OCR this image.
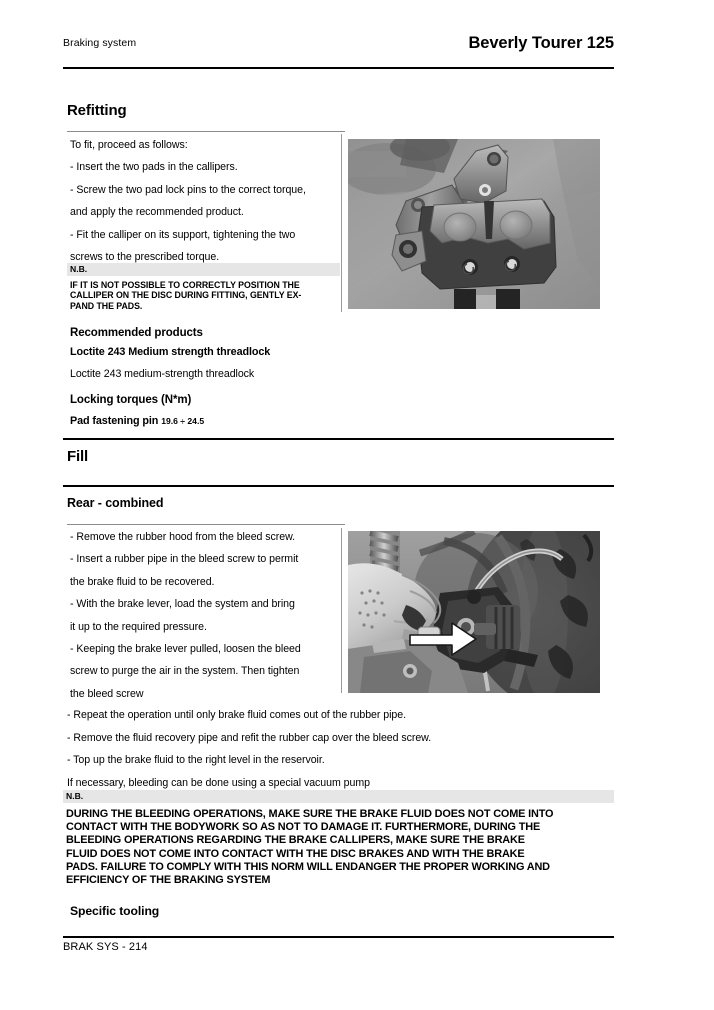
Braking system	Beverly Tourer 125
Refitting
To fit, proceed as follows:
- Insert the two pads in the callipers.
- Screw the two pad lock pins to the correct torque,
and apply the recommended product.
- Fit the calliper on its support, tightening the two
screws to the prescribed torque.
N.B.
IF IT IS NOT POSSIBLE TO CORRECTLY POSITION THE
CALLIPER ON THE DISC DURING FITTING, GENTLY EX-
PAND THE PADS.
Recommended products
Loctite 243 Medium strength threadlock
Loctite 243 medium-strength threadlock
Locking torques (N*m)
Pad fastening pin 19.6 ÷ 24.5
Fill
Rear - combined
- Remove the rubber hood from the bleed screw.
- Insert a rubber pipe in the bleed screw to permit
the brake fluid to be recovered.
- With the brake lever, load the system and bring
it up to the required pressure.
- Keeping the brake lever pulled, loosen the bleed
screw to purge the air in the system. Then tighten
the bleed screw
- Repeat the operation until only brake fluid comes out of the rubber pipe.
- Remove the fluid recovery pipe and refit the rubber cap over the bleed screw.
- Top up the brake fluid to the right level in the reservoir.
If necessary, bleeding can be done using a special vacuum pump
N.B.
DURING THE BLEEDING OPERATIONS, MAKE SURE THE BRAKE FLUID DOES NOT COME INTO
CONTACT WITH THE BODYWORK SO AS NOT TO DAMAGE IT. FURTHERMORE, DURING THE
BLEEDING OPERATIONS REGARDING THE BRAKE CALLIPERS, MAKE SURE THE BRAKE
FLUID DOES NOT COME INTO CONTACT WITH THE DISC BRAKES AND WITH THE BRAKE
PADS. FAILURE TO COMPLY WITH THIS NORM WILL ENDANGER THE PROPER WORKING AND
EFFICIENCY OF THE BRAKING SYSTEM
Specific tooling
BRAK SYS - 214
